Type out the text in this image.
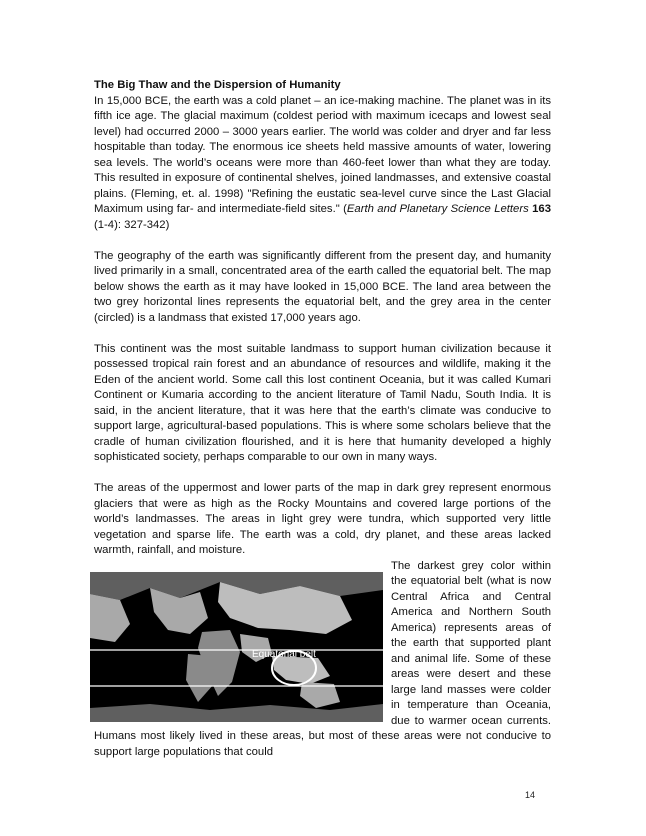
The Big Thaw and the Dispersion of Humanity

In 15,000 BCE, the earth was a cold planet – an ice-making machine. The planet was in its fifth ice age. The glacial maximum (coldest period with maximum icecaps and lowest seal level) had occurred 2000 – 3000 years earlier. The world was colder and dryer and far less hospitable than today. The enormous ice sheets held massive amounts of water, lowering sea levels. The world’s oceans were more than 460-feet lower than what they are today. This resulted in exposure of continental shelves, joined landmasses, and extensive coastal plains. (Fleming, et. al. 1998) "Refining the eustatic sea-level curve since the Last Glacial Maximum using far- and intermediate-field sites." (Earth and Planetary Science Letters 163 (1-4): 327-342)

The geography of the earth was significantly different from the present day, and humanity lived primarily in a small, concentrated area of the earth called the equatorial belt. The map below shows the earth as it may have looked in 15,000 BCE. The land area between the two grey horizontal lines represents the equatorial belt, and the grey area in the center (circled) is a landmass that existed 17,000 years ago.

This continent was the most suitable landmass to support human civilization because it possessed tropical rain forest and an abundance of resources and wildlife, making it the Eden of the ancient world. Some call this lost continent Oceania, but it was called Kumari Continent or Kumaria according to the ancient literature of Tamil Nadu, South India. It is said, in the ancient literature, that it was here that the earth’s climate was conducive to support large, agricultural-based populations. This is where some scholars believe that the cradle of human civilization flourished, and it is here that humanity developed a highly sophisticated society, perhaps comparable to our own in many ways.

The areas of the uppermost and lower parts of the map in dark grey represent enormous glaciers that were as high as the Rocky Mountains and covered large portions of the world’s landmasses. The areas in light grey were tundra, which supported very little vegetation and sparse life. The earth was a cold, dry planet, and these areas lacked warmth, rainfall, and moisture.

Equatorial belt

The darkest grey color within the equatorial belt (what is now Central Africa and Central America and Northern South America) represents areas of the earth that supported plant and animal life. Some of these areas were desert and these large land masses were colder in temperature than Oceania, due to warmer ocean currents. Humans most likely lived in these areas, but most of these areas were not conducive to support large populations that could

14
